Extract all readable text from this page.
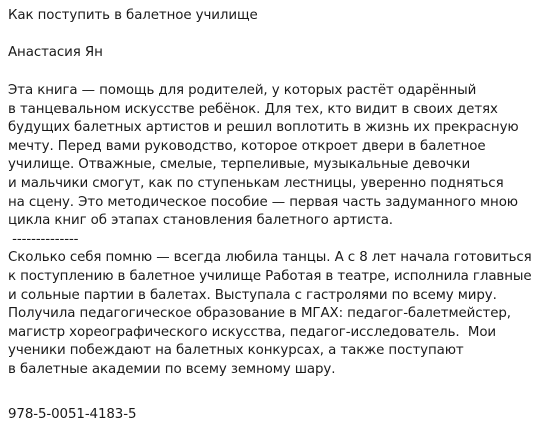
Как поступить в балетное училище
Анастасия Ян
Эта книга — помощь для родителей, у которых растёт одарённый
в танцевальном искусстве ребёнок. Для тех, кто видит в своих детях
будущих балетных артистов и решил воплотить в жизнь их прекрасную
мечту. Перед вами руководство, которое откроет двери в балетное
училище. Отважные, смелые, терпеливые, музыкальные девочки
и мальчики смогут, как по ступенькам лестницы, уверенно подняться
на сцену. Это методическое пособие — первая часть задуманного мною
цикла книг об этапах становления балетного артиста.
--------------
Сколько себя помню — всегда любила танцы. А с 8 лет начала готовиться
к поступлению в балетное училище Работая в театре, исполнила главные
и сольные партии в балетах. Выступала с гастролями по всему миру.
Получила педагогическое образование в МГАХ: педагог-балетмейстер,
магистр хореографического искусства, педагог-исследователь.  Мои
ученики побеждают на балетных конкурсах, а также поступают
в балетные академии по всему земному шару.
978-5-0051-4183-5
